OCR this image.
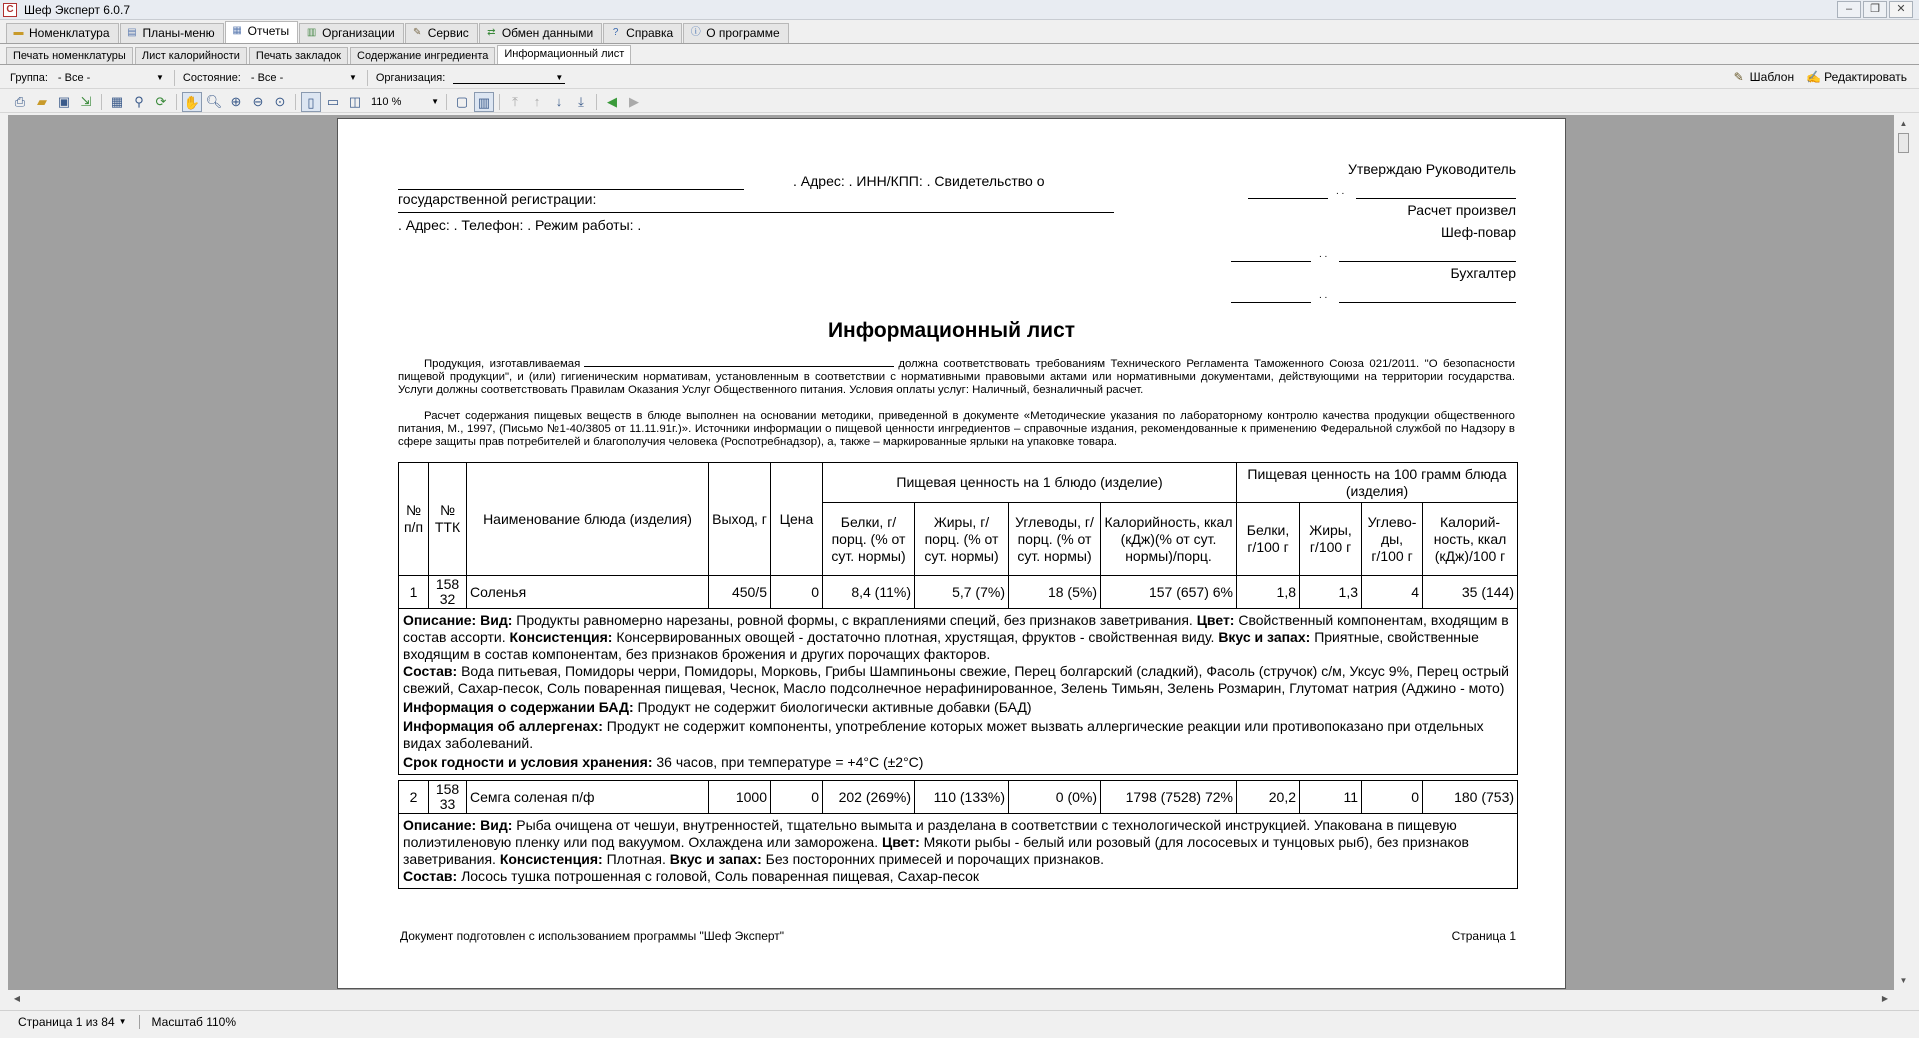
C Шеф Эксперт 6.0.7	–	❐	✕
▬ Номенклатура	▤ Планы-меню	▦ Отчеты	▥ Организации	✎ Сервис	⇄ Обмен данными	? Справка	ⓘ О программе
Печать номенклатуры	Лист калорийности	Печать закладок	Содержание ингредиента	Информационный лист
Группа: - Все -	▼ Состояние: - Все -	▼ Организация:	▼	✎ Шаблон ✍ Редактировать
⎙ ▰ ▣ ⇲	▦ ⚲ ⟳	✋ 🔍︎ ⊕ ⊖ ⊙	▯ ▭ ◫ 110 %	▼ ▢ ▥	⤒	↑	↓	⤓	◀ ▶
▲
▼
◀	▶
. Адрес: . ИНН/КПП: . Свидетельство о
государственной регистрации:
. Адрес: . Телефон: . Режим работы: .
Утверждаю Руководитель
. .
Расчет произвел
Шеф-повар
. .
Бухгалтер
. .
Информационный лист
Продукция, изготавливаемая	должна соответствовать требованиям Технического Регламента Таможенного Союза 021/2011. "О безопасности пищевой продукции", и (или) гигиеническим нормативам, установленным в соответствии с нормативными правовыми актами или нормативными документами, действующими на территории государства. Услуги должны соответствовать Правилам Оказания Услуг Общественного питания. Условия оплаты услуг: Наличный, безналичный расчет.
Расчет содержания пищевых веществ в блюде выполнен на основании методики, приведенной в документе «Методические указания по лабораторному контролю качества продукции общественного питания, М., 1997, (Письмо №1-40/3805 от 11.11.91г.)». Источники информации о пищевой ценности ингредиентов – справочные издания, рекомендованные к применению Федеральной службой по Надзору в сфере защиты прав потребителей и благополучия человека (Роспотребнадзор), а, также – маркированные ярлыки на упаковке товара.
№ п/п	№ ТТК	Наименование блюда (изделия)	Выход, г	Цена	Пищевая ценность на 1 блюдо (изделие)				Пищевая ценность на 100 грамм блюда (изделия)			
					Белки, г/порц. (% от сут. нормы)	Жиры, г/порц. (% от сут. нормы)	Углеводы, г/порц. (% от сут. нормы)	Калорийность, ккал (кДж)(% от сут. нормы)/порц.	Белки, г/100 г	Жиры, г/100 г	Углево-ды, г/100 г	Калорий-ность, ккал (кДж)/100 г
1	15832	Соленья	450/5	0	8,4 (11%)	5,7 (7%)	18 (5%)	157 (657) 6%	1,8	1,3	4	35 (144)

Описание: Вид: Продукты равномерно нарезаны, ровной формы, с вкраплениями специй, без признаков заветривания. Цвет: Свойственный компонентам, входящим в состав ассорти. Консистенция: Консервированных овощей - достаточно плотная, хрустящая, фруктов - свойственная виду. Вкус и запах: Приятные, свойственные входящим в состав компонентам, без признаков брожения и других порочащих факторов.

Состав: Вода питьевая, Помидоры черри, Помидоры, Морковь, Грибы Шампиньоны свежие, Перец болгарский (сладкий), Фасоль (стручок) с/м, Уксус 9%, Перец острый свежий, Сахар-песок, Соль поваренная пищевая, Чеснок, Масло подсолнечное нерафинированное, Зелень Тимьян, Зелень Розмарин, Глутомат натрия (Аджино - мото)

Информация о содержании БАД: Продукт не содержит биологически активные добавки (БАД)

Информация об аллергенах: Продукт не содержит компоненты, употребление которых может вызвать аллергические реакции или противопоказано при отдельных видах заболеваний.

Срок годности и условия хранения: 36 часов, при температуре = +4°С (±2°С)												

2	15833	Семга соленая п/ф	1000	0	202 (269%)	110 (133%)	0 (0%)	1798 (7528) 72%	20,2	11	0	180 (753)

Описание: Вид: Рыба очищена от чешуи, внутренностей, тщательно вымыта и разделана в соответствии с технологической инструкцией. Упакована в пищевую полиэтиленовую пленку или под вакуумом. Охлаждена или заморожена. Цвет: Мякоти рыбы - белый или розовый (для лососевых и тунцовых рыб), без признаков заветривания. Консистенция: Плотная. Вкус и запах: Без посторонних примесей и порочащих признаков.

Состав: Лосось тушка потрошенная с головой, Соль поваренная пищевая, Сахар-песок												

Документ подготовлен с использованием программы "Шеф Эксперт"	Страница 1
Страница 1 из 84 ▼ Масштаб 110%
